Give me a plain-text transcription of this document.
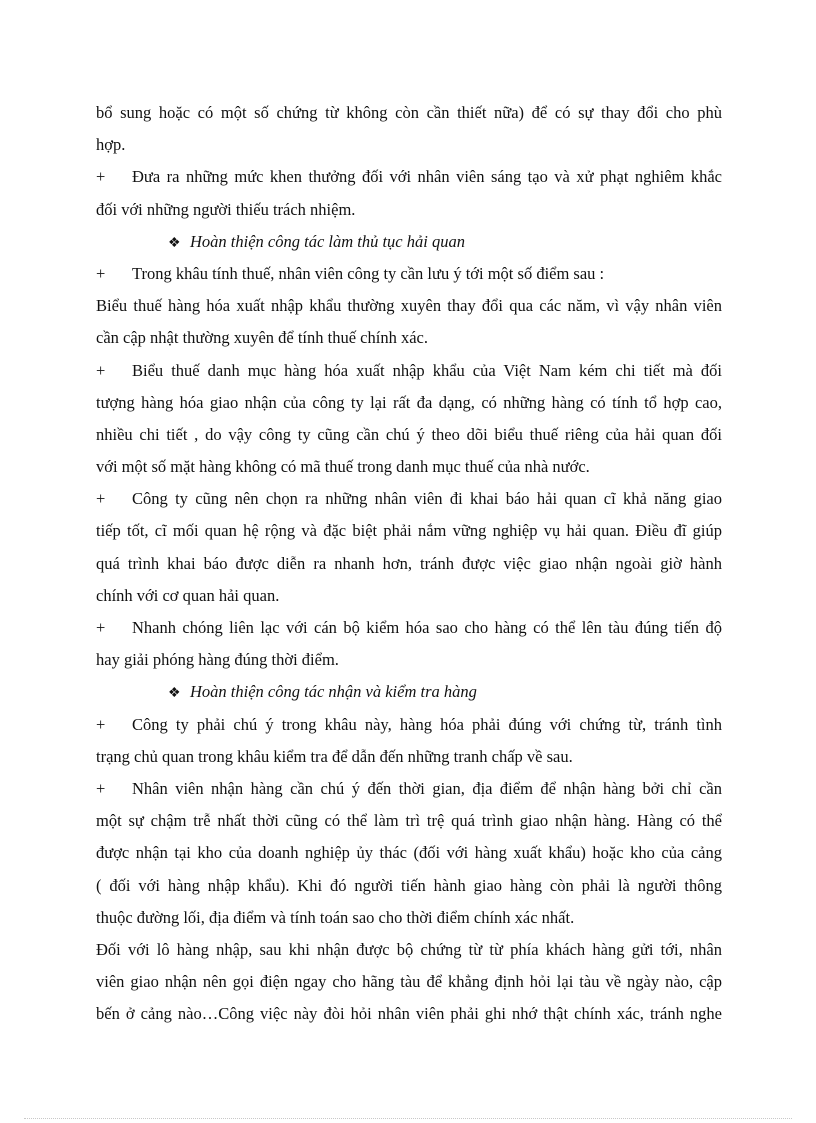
bổ sung hoặc có một số chứng từ không còn cần thiết nữa) để có sự thay đổi cho phù
hợp.
+ Đưa ra những mức khen thưởng đối với nhân viên sáng tạo và xử phạt nghiêm khắc
đối với những người thiếu trách nhiệm.
❖ Hoàn thiện công tác làm thủ tục hải quan
+ Trong khâu tính thuế, nhân viên công ty cần lưu ý tới một số điểm sau :
Biểu thuế hàng hóa xuất nhập khẩu thường xuyên thay đổi qua các năm, vì vậy nhân viên
cần cập nhật thường xuyên để tính thuế chính xác.
+ Biểu thuế danh mục hàng hóa xuất nhập khẩu của Việt Nam kém chi tiết mà đối
tượng hàng hóa giao nhận của công ty lại rất đa dạng, có những hàng có tính tổ hợp cao,
nhiều chi tiết , do vậy công ty cũng cần chú ý theo dõi biểu thuế riêng của hải quan đối
với một số mặt hàng không có mã thuế trong danh mục thuế của nhà nước.
+ Công ty cũng nên chọn ra những nhân viên đi khai báo hải quan cĩ khả năng giao
tiếp tốt, cĩ mối quan hệ rộng và đặc biệt phải nắm vững nghiệp vụ hải quan. Điều đĩ giúp
quá trình khai báo được diễn ra nhanh hơn, tránh được việc giao nhận ngoài giờ hành
chính với cơ quan hải quan.
+ Nhanh chóng liên lạc với cán bộ kiểm hóa sao cho hàng có thể lên tàu đúng tiến độ
hay giải phóng hàng đúng thời điểm.
❖ Hoàn thiện công tác nhận và kiểm tra hàng
+ Công ty phải chú ý trong khâu này, hàng hóa phải đúng với chứng từ, tránh tình
trạng chủ quan trong khâu kiểm tra để dẫn đến những tranh chấp về sau.
+ Nhân viên nhận hàng cần chú ý đến thời gian, địa điểm để nhận hàng bởi chỉ cần
một sự chậm trễ nhất thời cũng có thể làm trì trệ quá trình giao nhận hàng. Hàng có thể
được nhận tại kho của doanh nghiệp ủy thác (đối với hàng xuất khẩu) hoặc kho của cảng
( đối với hàng nhập khẩu). Khi đó người tiến hành giao hàng còn phải là người thông
thuộc đường lối, địa điểm và tính toán sao cho thời điểm chính xác nhất.
Đối với lô hàng nhập, sau khi nhận được bộ chứng từ từ phía khách hàng gửi tới, nhân
viên giao nhận nên gọi điện ngay cho hãng tàu để khẳng định hỏi lại tàu về ngày nào, cập
bến ở cảng nào…Công việc này đòi hỏi nhân viên phải ghi nhớ thật chính xác, tránh nghe
